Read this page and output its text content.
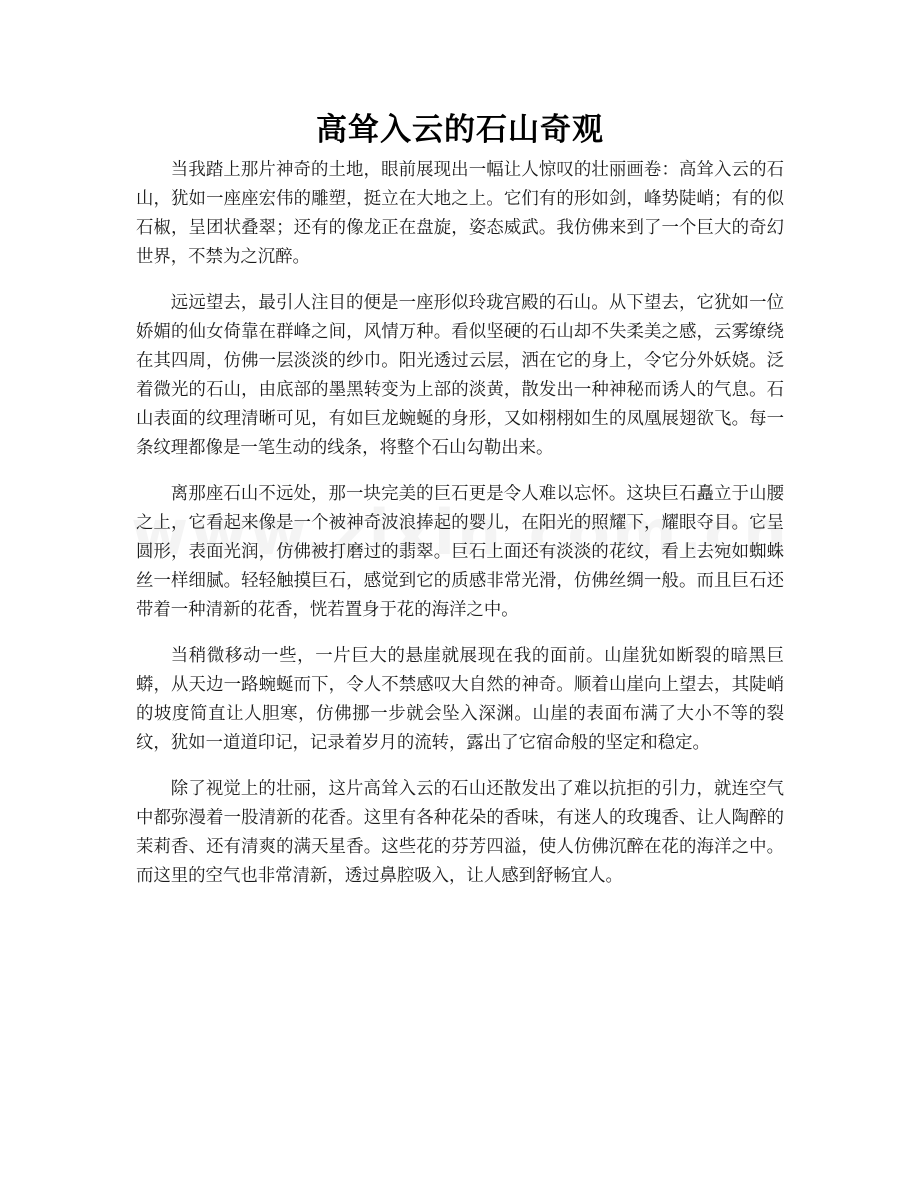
高耸入云的石山奇观

当我踏上那片神奇的土地，眼前展现出一幅让人惊叹的壮丽画卷：高耸入云的石山，犹如一座座宏伟的雕塑，挺立在大地之上。它们有的形如剑，峰势陡峭；有的似石椒，呈团状叠翠；还有的像龙正在盘旋，姿态威武。我仿佛来到了一个巨大的奇幻世界，不禁为之沉醉。

远远望去，最引人注目的便是一座形似玲珑宫殿的石山。从下望去，它犹如一位娇媚的仙女倚靠在群峰之间，风情万种。看似坚硬的石山却不失柔美之感，云雾缭绕在其四周，仿佛一层淡淡的纱巾。阳光透过云层，洒在它的身上，令它分外妖娆。泛着微光的石山，由底部的墨黑转变为上部的淡黄，散发出一种神秘而诱人的气息。石山表面的纹理清晰可见，有如巨龙蜿蜒的身形，又如栩栩如生的凤凰展翅欲飞。每一条纹理都像是一笔生动的线条，将整个石山勾勒出来。

离那座石山不远处，那一块完美的巨石更是令人难以忘怀。这块巨石矗立于山腰之上，它看起来像是一个被神奇波浪捧起的婴儿，在阳光的照耀下，耀眼夺目。它呈圆形，表面光润，仿佛被打磨过的翡翠。巨石上面还有淡淡的花纹，看上去宛如蜘蛛丝一样细腻。轻轻触摸巨石，感觉到它的质感非常光滑，仿佛丝绸一般。而且巨石还带着一种清新的花香，恍若置身于花的海洋之中。

当稍微移动一些，一片巨大的悬崖就展现在我的面前。山崖犹如断裂的暗黑巨蟒，从天边一路蜿蜒而下，令人不禁感叹大自然的神奇。顺着山崖向上望去，其陡峭的坡度简直让人胆寒，仿佛挪一步就会坠入深渊。山崖的表面布满了大小不等的裂纹，犹如一道道印记，记录着岁月的流转，露出了它宿命般的坚定和稳定。

除了视觉上的壮丽，这片高耸入云的石山还散发出了难以抗拒的引力，就连空气中都弥漫着一股清新的花香。这里有各种花朵的香味，有迷人的玫瑰香、让人陶醉的茉莉香、还有清爽的满天星香。这些花的芬芳四溢，使人仿佛沉醉在花的海洋之中。而这里的空气也非常清新，透过鼻腔吸入，让人感到舒畅宜人。
